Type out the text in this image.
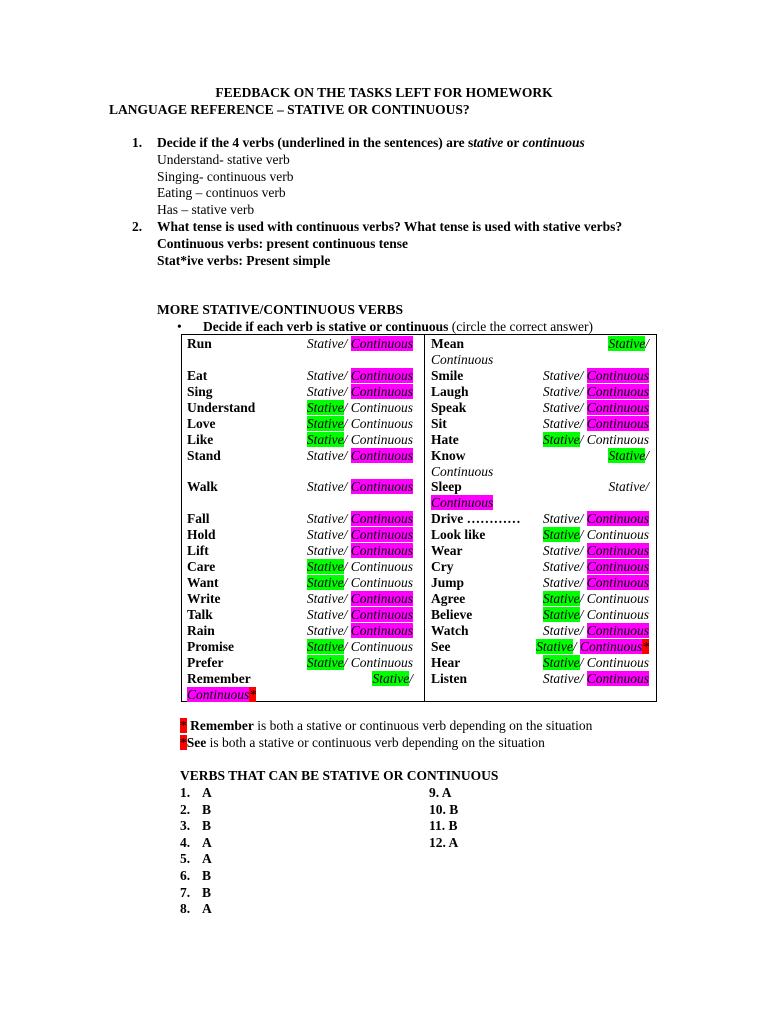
FEEDBACK ON THE TASKS LEFT FOR HOMEWORK
LANGUAGE REFERENCE – STATIVE OR CONTINUOUS?
1. Decide if the 4 verbs (underlined in the sentences) are stative or continuous
Understand- stative verb
Singing- continuous verb
Eating – continuos verb
Has – stative verb
2. What tense is used with continuous verbs? What tense is used with stative verbs?
Continuous verbs: present continuous tense
Stat*ive verbs: Present simple
MORE STATIVE/CONTINUOUS VERBS
• Decide if each verb is stative or continuous (circle the correct answer)
Run	Stative/ Continuous
Eat	Stative/ Continuous
Sing	Stative/ Continuous
Understand	Stative/ Continuous
Love	Stative/ Continuous
Like	Stative/ Continuous
Stand	Stative/ Continuous
Walk	Stative/ Continuous
Fall	Stative/ Continuous
Hold	Stative/ Continuous
Lift	Stative/ Continuous
Care	Stative/ Continuous
Want	Stative/ Continuous
Write	Stative/ Continuous
Talk	Stative/ Continuous
Rain	Stative/ Continuous
Promise	Stative/ Continuous
Prefer	Stative/ Continuous
Remember	Stative/
Continuous*
Mean	Stative/
Continuous
Smile	Stative/ Continuous
Laugh	Stative/ Continuous
Speak	Stative/ Continuous
Sit	Stative/ Continuous
Hate	Stative/ Continuous
Know	Stative/
Continuous
Sleep	Stative/
Continuous
Drive ………… Stative/ Continuous
Look like	Stative/ Continuous
Wear	Stative/ Continuous
Cry	Stative/ Continuous
Jump	Stative/ Continuous
Agree	Stative/ Continuous
Believe	Stative/ Continuous
Watch	Stative/ Continuous
See	Stative/ Continuous*
Hear	Stative/ Continuous
Listen	Stative/ Continuous
* Remember is both a stative or continuous verb depending on the situation
*See is both a stative or continuous verb depending on the situation
VERBS THAT CAN BE STATIVE OR CONTINUOUS
1. A
2. B
3. B
4. A
5. A
6. B
7. B
8. A
9. A
10. B
11. B
12. A
